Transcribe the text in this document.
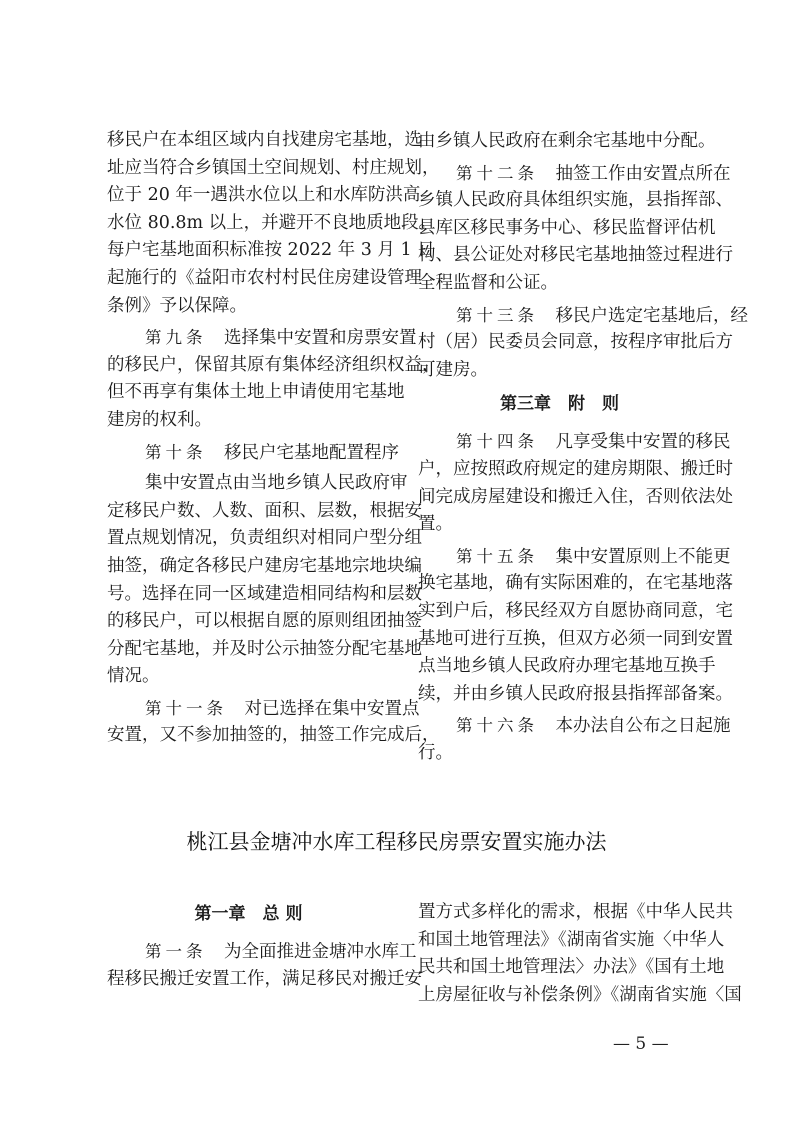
移民户在本组区域内自找建房宅基地，选
址应当符合乡镇国土空间规划、村庄规划，
位于 20 年一遇洪水位以上和水库防洪高
水位 80.8m 以上，并避开不良地质地段。
每户宅基地面积标准按 2022 年 3 月 1 日
起施行的《益阳市农村村民住房建设管理
条例》予以保障。
第九条　 选择集中安置和房票安置
的移民户，保留其原有集体经济组织权益，
但不再享有集体土地上申请使用宅基地
建房的权利。
第十条　 移民户宅基地配置程序
集中安置点由当地乡镇人民政府审
定移民户数、人数、面积、层数，根据安
置点规划情况，负责组织对相同户型分组
抽签，确定各移民户建房宅基地宗地块编
号。选择在同一区域建造相同结构和层数
的移民户，可以根据自愿的原则组团抽签
分配宅基地，并及时公示抽签分配宅基地
情况。
第十一条　 对已选择在集中安置点
安置，又不参加抽签的，抽签工作完成后，
由乡镇人民政府在剩余宅基地中分配。
第十二条　 抽签工作由安置点所在
乡镇人民政府具体组织实施，县指挥部、
县库区移民事务中心、移民监督评估机
构、县公证处对移民宅基地抽签过程进行
全程监督和公证。
第十三条　 移民户选定宅基地后，经
村（居）民委员会同意，按程序审批后方
可建房。
第三章　附　则
第十四条　 凡享受集中安置的移民
户，应按照政府规定的建房期限、搬迁时
间完成房屋建设和搬迁入住，否则依法处
置。
第十五条　 集中安置原则上不能更
换宅基地，确有实际困难的，在宅基地落
实到户后，移民经双方自愿协商同意，宅
基地可进行互换，但双方必须一同到安置
点当地乡镇人民政府办理宅基地互换手
续，并由乡镇人民政府报县指挥部备案。
第十六条　 本办法自公布之日起施
行。
桃江县金塘冲水库工程移民房票安置实施办法
第一章　总 则
第一条　 为全面推进金塘冲水库工
程移民搬迁安置工作，满足移民对搬迁安
置方式多样化的需求，根据《中华人民共
和国土地管理法》《湖南省实施〈中华人
民共和国土地管理法〉办法》《国有土地
上房屋征收与补偿条例》《湖南省实施〈国
— 5 —
